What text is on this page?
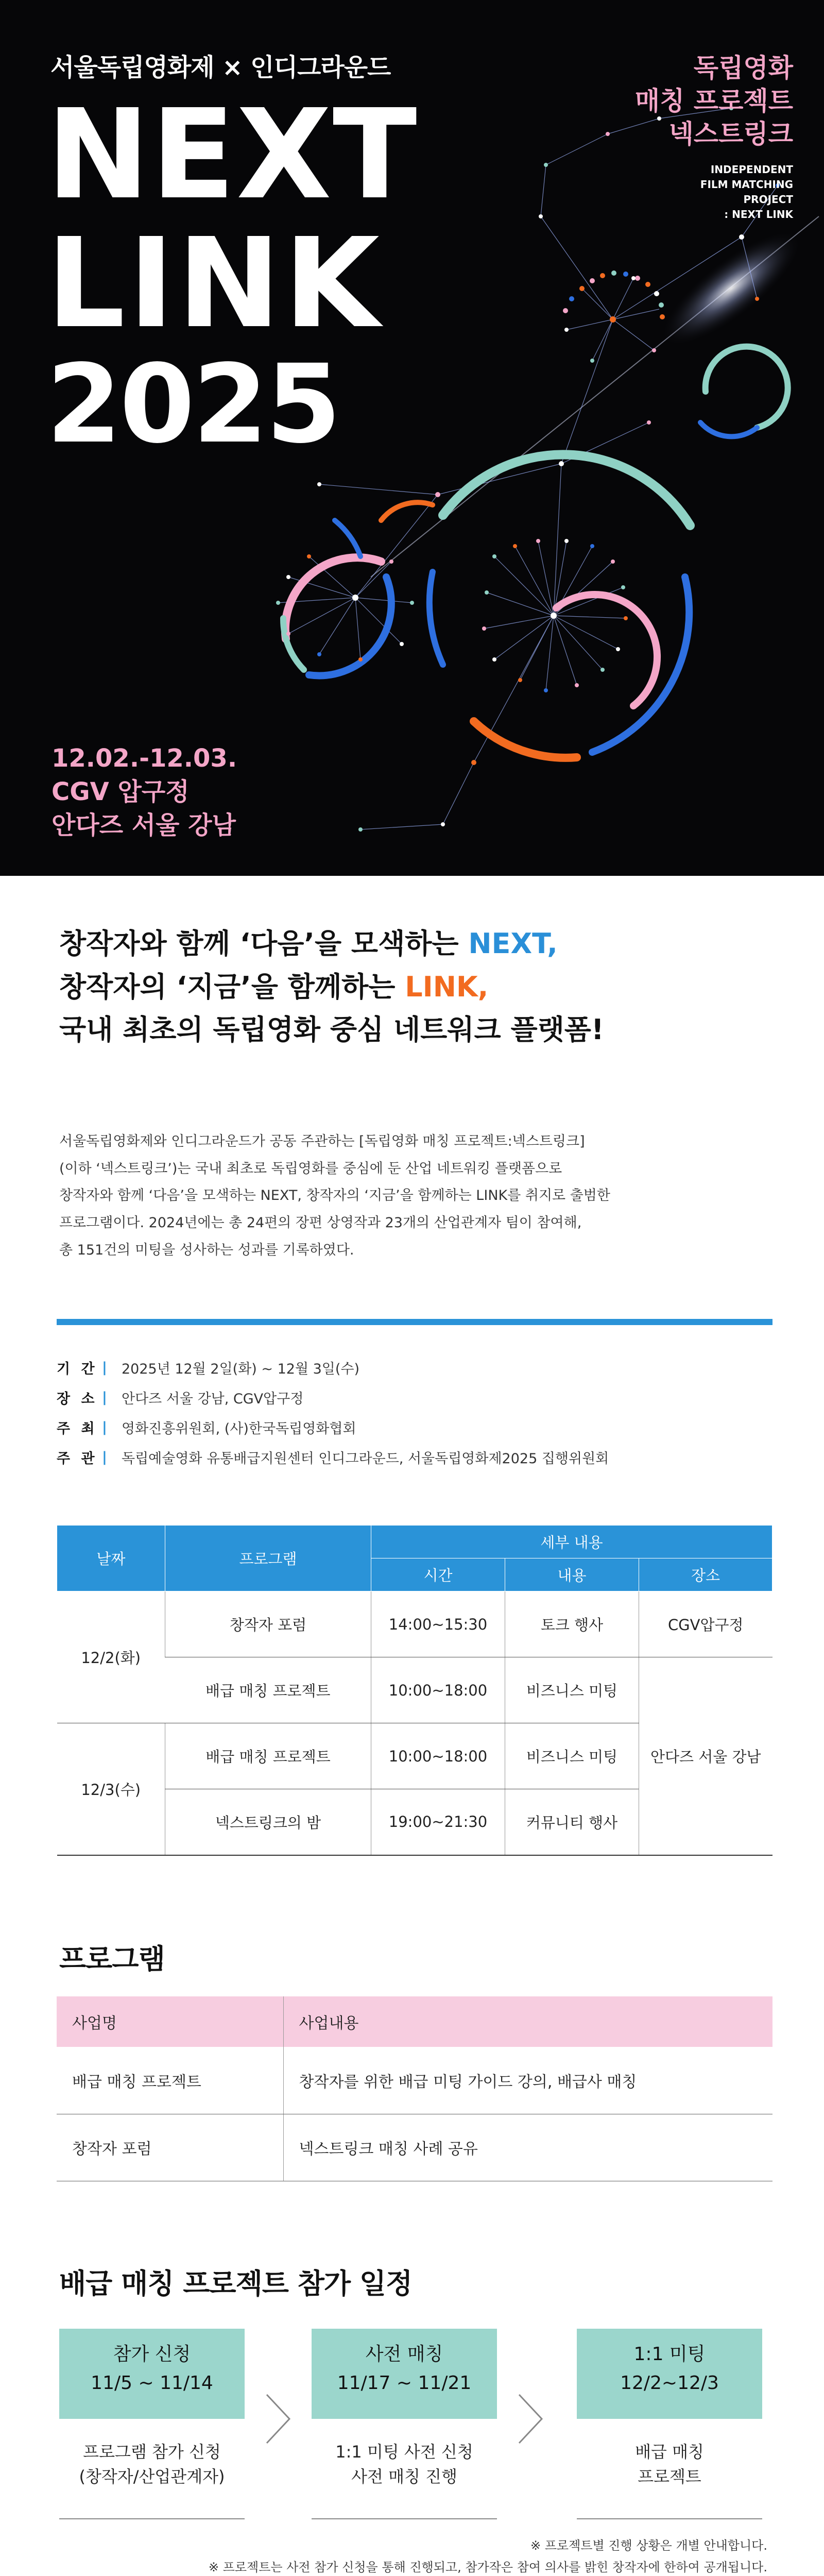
서울독립영화제 × 인디그라운드
NEXT
LINK
2025
독립영화
매칭 프로젝트
넥스트링크
INDEPENDENT
FILM MATCHING
PROJECT
: NEXT LINK
12.02.-12.03.
CGV 압구정
안다즈 서울 강남
창작자와 함께 ‘다음’을 모색하는 NEXT,
창작자의 ‘지금’을 함께하는 LINK,
국내 최초의 독립영화 중심 네트워크 플랫폼!
서울독립영화제와 인디그라운드가 공동 주관하는 [독립영화 매칭 프로젝트:넥스트링크]
(이하 ‘넥스트링크’)는 국내 최초로 독립영화를 중심에 둔 산업 네트워킹 플랫폼으로
창작자와 함께 ‘다음’을 모색하는 NEXT, 창작자의 ‘지금’을 함께하는 LINK를 취지로 출범한
프로그램이다. 2024년에는 총 24편의 장편 상영작과 23개의 산업관계자 팀이 참여해,
총 151건의 미팅을 성사하는 성과를 기록하였다.
기 간 |	2025년 12월 2일(화) ~ 12월 3일(수)
장 소 |	안다즈 서울 강남, CGV압구정
주 최 |	영화진흥위원회, (사)한국독립영화협회
주 관 |	독립예술영화 유통배급지원센터 인디그라운드, 서울독립영화제2025 집행위원회
날짜	프로그램	세부 내용		
		시간	내용	장소
12/2(화)	창작자 포럼	14:00~15:30	토크 행사	CGV압구정
	배급 매칭 프로젝트	10:00~18:00	비즈니스 미팅	안다즈 서울 강남
12/3(수)	배급 매칭 프로젝트	10:00~18:00	비즈니스 미팅	
	넥스트링크의 밤	19:00~21:30	커뮤니티 행사	
프로그램
사업명	사업내용
배급 매칭 프로젝트	창작자를 위한 배급 미팅 가이드 강의, 배급사 매칭
창작자 포럼	넥스트링크 매칭 사례 공유
배급 매칭 프로젝트 참가 일정
참가 신청
11/5 ~ 11/14
프로그램 참가 신청
(창작자/산업관계자)
사전 매칭
11/17 ~ 11/21
1:1 미팅 사전 신청
사전 매칭 진행
1:1 미팅
12/2~12/3
배급 매칭
프로젝트
※ 프로젝트별 진행 상황은 개별 안내합니다.
※ 프로젝트는 사전 참가 신청을 통해 진행되고, 참가작은 참여 의사를 밝힌 창작자에 한하여 공개됩니다.
